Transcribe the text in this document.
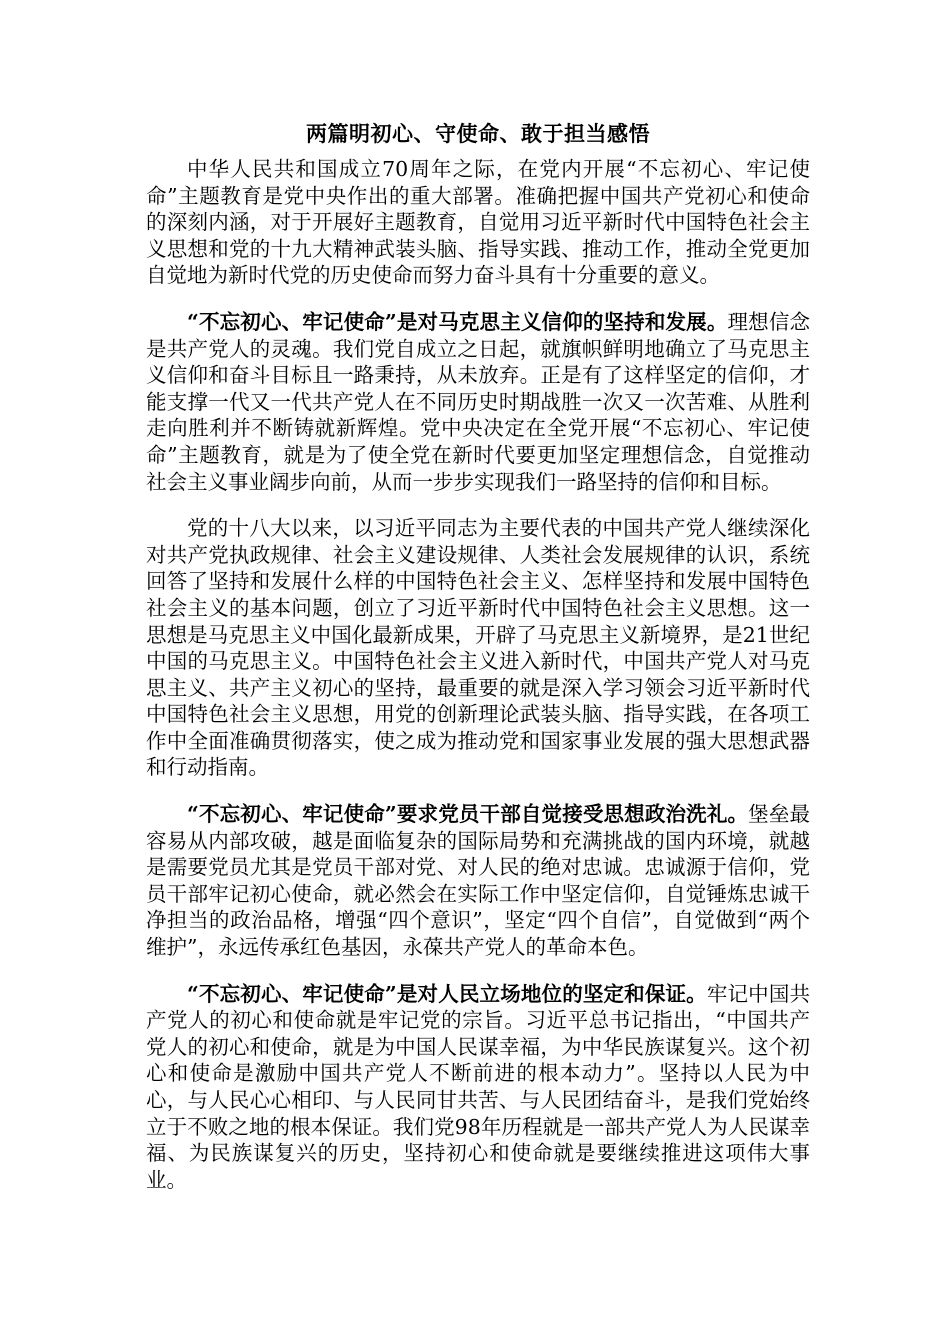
两篇明初心、守使命、敢于担当感悟

中华人民共和国成立70周年之际，在党内开展“不忘初心、牢记使命”主题教育是党中央作出的重大部署。准确把握中国共产党初心和使命的深刻内涵，对于开展好主题教育，自觉用习近平新时代中国特色社会主义思想和党的十九大精神武装头脑、指导实践、推动工作，推动全党更加自觉地为新时代党的历史使命而努力奋斗具有十分重要的意义。

“不忘初心、牢记使命”是对马克思主义信仰的坚持和发展。理想信念是共产党人的灵魂。我们党自成立之日起，就旗帜鲜明地确立了马克思主义信仰和奋斗目标且一路秉持，从未放弃。正是有了这样坚定的信仰，才能支撑一代又一代共产党人在不同历史时期战胜一次又一次苦难、从胜利走向胜利并不断铸就新辉煌。党中央决定在全党开展“不忘初心、牢记使命”主题教育，就是为了使全党在新时代要更加坚定理想信念，自觉推动社会主义事业阔步向前，从而一步步实现我们一路坚持的信仰和目标。

党的十八大以来，以习近平同志为主要代表的中国共产党人继续深化对共产党执政规律、社会主义建设规律、人类社会发展规律的认识，系统回答了坚持和发展什么样的中国特色社会主义、怎样坚持和发展中国特色社会主义的基本问题，创立了习近平新时代中国特色社会主义思想。这一思想是马克思主义中国化最新成果，开辟了马克思主义新境界，是21世纪中国的马克思主义。中国特色社会主义进入新时代，中国共产党人对马克思主义、共产主义初心的坚持，最重要的就是深入学习领会习近平新时代中国特色社会主义思想，用党的创新理论武装头脑、指导实践，在各项工作中全面准确贯彻落实，使之成为推动党和国家事业发展的强大思想武器和行动指南。

“不忘初心、牢记使命”要求党员干部自觉接受思想政治洗礼。堡垒最容易从内部攻破，越是面临复杂的国际局势和充满挑战的国内环境，就越是需要党员尤其是党员干部对党、对人民的绝对忠诚。忠诚源于信仰，党员干部牢记初心使命，就必然会在实际工作中坚定信仰，自觉锤炼忠诚干净担当的政治品格，增强“四个意识”，坚定“四个自信”，自觉做到“两个维护”，永远传承红色基因，永葆共产党人的革命本色。

“不忘初心、牢记使命”是对人民立场地位的坚定和保证。牢记中国共产党人的初心和使命就是牢记党的宗旨。习近平总书记指出，“中国共产党人的初心和使命，就是为中国人民谋幸福，为中华民族谋复兴。这个初心和使命是激励中国共产党人不断前进的根本动力”。坚持以人民为中心，与人民心心相印、与人民同甘共苦、与人民团结奋斗，是我们党始终立于不败之地的根本保证。我们党98年历程就是一部共产党人为人民谋幸福、为民族谋复兴的历史，坚持初心和使命就是要继续推进这项伟大事业。
